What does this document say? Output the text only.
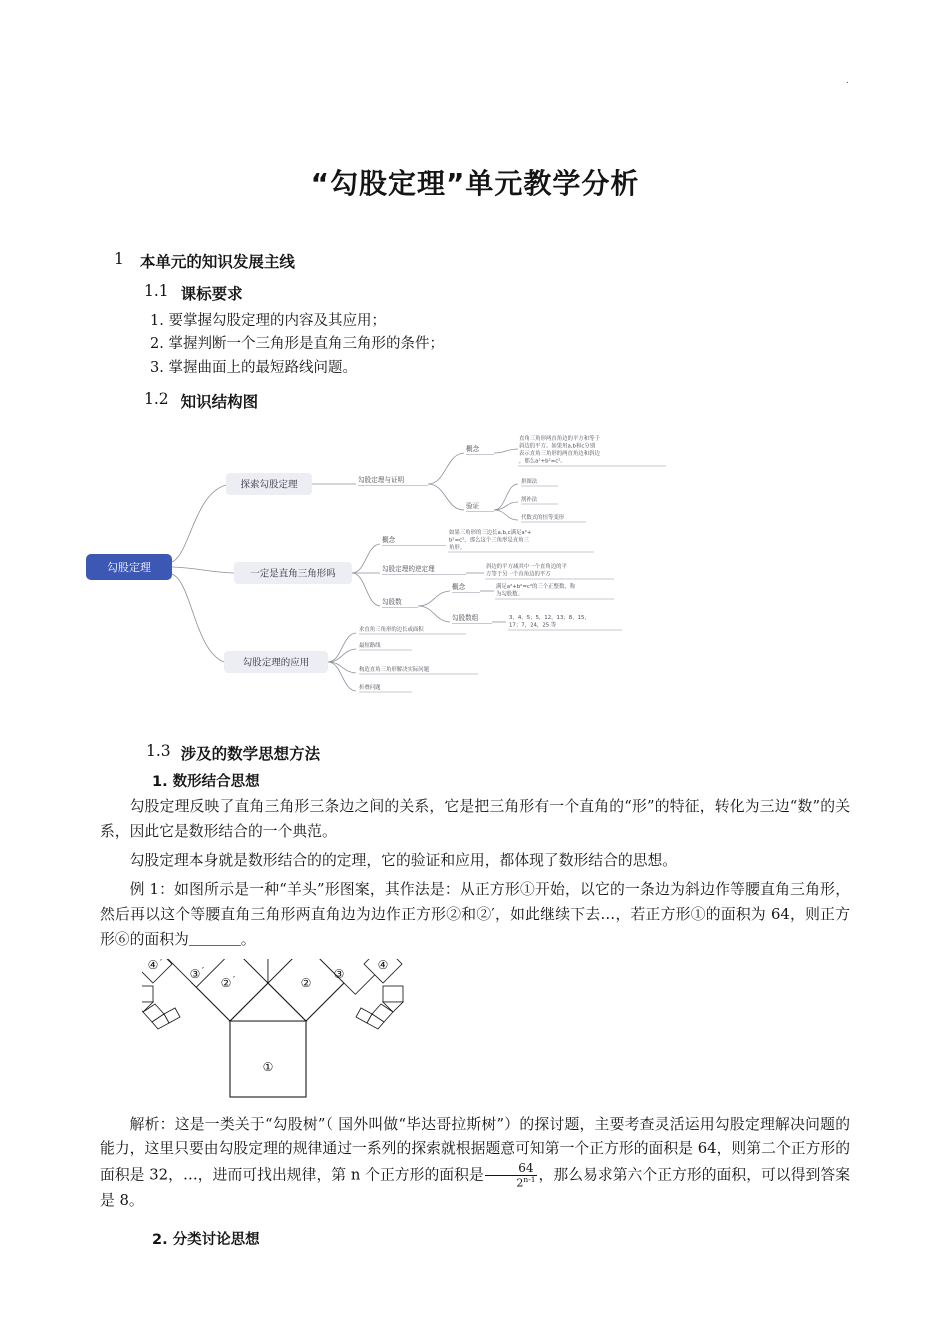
.
“勾股定理”单元教学分析
1 本单元的知识发展主线
1.1 课标要求
1. 要掌握勾股定理的内容及其应用；
2. 掌握判断一个三角形是直角三角形的条件；
3. 掌握曲面上的最短路线问题。
1.2 知识结构图
勾股定理
探索勾股定理	勾股定理与证明
概念
验证
直角三角形两直角边的平方和等于
斜边的平方。如果用a,b和c分别
表示直角三角形的两直角边和斜边
，那么a²+b²=c²。
拼图法
割补法
代数式的恒等变形
一定是直角三角形吗
概念
如果三角形的三边长a,b,c满足a²+
b²=c²，那么这个三角形是直角三
角形。
勾股定理的逆定理	斜边的平方减其中一个直角边的平
方等于另一个直角边的平方
勾股数
概念	满足a²+b²=c²的三个正整数，称
为勾股数。
勾股数组	3，4，5；5，12，13；8，15，
17；7，24，25 等
勾股定理的应用
求直角三角形的边长或面积
最短路线
构造直角三角形解决实际问题
折叠问题
1.3 涉及的数学思想方法
1. 数形结合思想

勾股定理反映了直角三角形三条边之间的关系，它是把三角形有一个直角的“形”的特征，转化为三边“数”的关系，因此它是数形结合的一个典范。

勾股定理本身就是数形结合的的定理，它的验证和应用，都体现了数形结合的思想。

例 1：如图所示是一种“羊头”形图案，其作法是：从正方形①开始，以它的一条边为斜边作等腰直角三角形，然后再以这个等腰直角三角形两直角边为边作正方形②和②′，如此继续下去…，若正方形①的面积为 64，则正方形⑥的面积为	。

①
② ′	②
③ ′
④ ′
③
④

解析：这是一类关于“勾股树”（ 国外叫做“毕达哥拉斯树”）的探讨题，主要考查灵活运用勾股定理解决问题的能力，这里只要由勾股定理的规律通过一系列的探索就根据题意可知第一个正方形的面积是 64，则第二个正方形的面积是 32，…，进而可找出规律，第 n 个正方形的面积是 $\frac{64}{2^{n-1}}$ ，那么易求第六个正方形的面积，可以得到答案是 8。

2. 分类讨论思想
